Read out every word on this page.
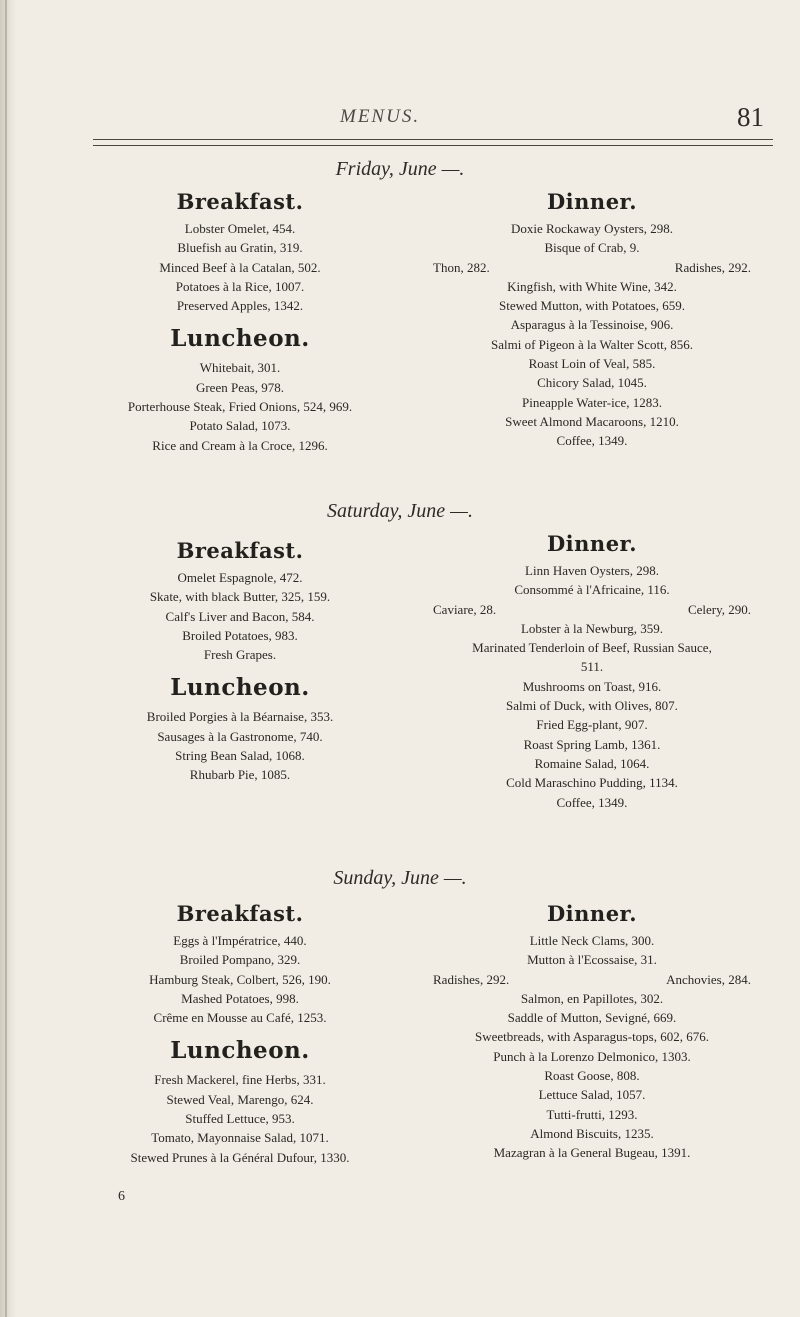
MENUS.	81
Friday, June —.
Breakfast.
Lobster Omelet, 454.
Bluefish au Gratin, 319.
Minced Beef à la Catalan, 502.
Potatoes à la Rice, 1007.
Preserved Apples, 1342.
Luncheon.
Whitebait, 301.
Green Peas, 978.
Porterhouse Steak, Fried Onions, 524, 969.
Potato Salad, 1073.
Rice and Cream à la Croce, 1296.
Dinner.
Doxie Rockaway Oysters, 298.
Bisque of Crab, 9.
Thon, 282.	Radishes, 292.
Kingfish, with White Wine, 342.
Stewed Mutton, with Potatoes, 659.
Asparagus à la Tessinoise, 906.
Salmi of Pigeon à la Walter Scott, 856.
Roast Loin of Veal, 585.
Chicory Salad, 1045.
Pineapple Water-ice, 1283.
Sweet Almond Macaroons, 1210.
Coffee, 1349.
Saturday, June —.
Breakfast.
Omelet Espagnole, 472.
Skate, with black Butter, 325, 159.
Calf's Liver and Bacon, 584.
Broiled Potatoes, 983.
Fresh Grapes.
Luncheon.
Broiled Porgies à la Béarnaise, 353.
Sausages à la Gastronome, 740.
String Bean Salad, 1068.
Rhubarb Pie, 1085.
Dinner.
Linn Haven Oysters, 298.
Consommé à l'Africaine, 116.
Caviare, 28.	Celery, 290.
Lobster à la Newburg, 359.
Marinated Tenderloin of Beef, Russian Sauce,
511.
Mushrooms on Toast, 916.
Salmi of Duck, with Olives, 807.
Fried Egg-plant, 907.
Roast Spring Lamb, 1361.
Romaine Salad, 1064.
Cold Maraschino Pudding, 1134.
Coffee, 1349.
Sunday, June —.
Breakfast.
Eggs à l'Impératrice, 440.
Broiled Pompano, 329.
Hamburg Steak, Colbert, 526, 190.
Mashed Potatoes, 998.
Crême en Mousse au Café, 1253.
Luncheon.
Fresh Mackerel, fine Herbs, 331.
Stewed Veal, Marengo, 624.
Stuffed Lettuce, 953.
Tomato, Mayonnaise Salad, 1071.
Stewed Prunes à la Général Dufour, 1330.
Dinner.
Little Neck Clams, 300.
Mutton à l'Ecossaise, 31.
Radishes, 292.	Anchovies, 284.
Salmon, en Papillotes, 302.
Saddle of Mutton, Sevigné, 669.
Sweetbreads, with Asparagus-tops, 602, 676.
Punch à la Lorenzo Delmonico, 1303.
Roast Goose, 808.
Lettuce Salad, 1057.
Tutti-frutti, 1293.
Almond Biscuits, 1235.
Mazagran à la General Bugeau, 1391.
6
